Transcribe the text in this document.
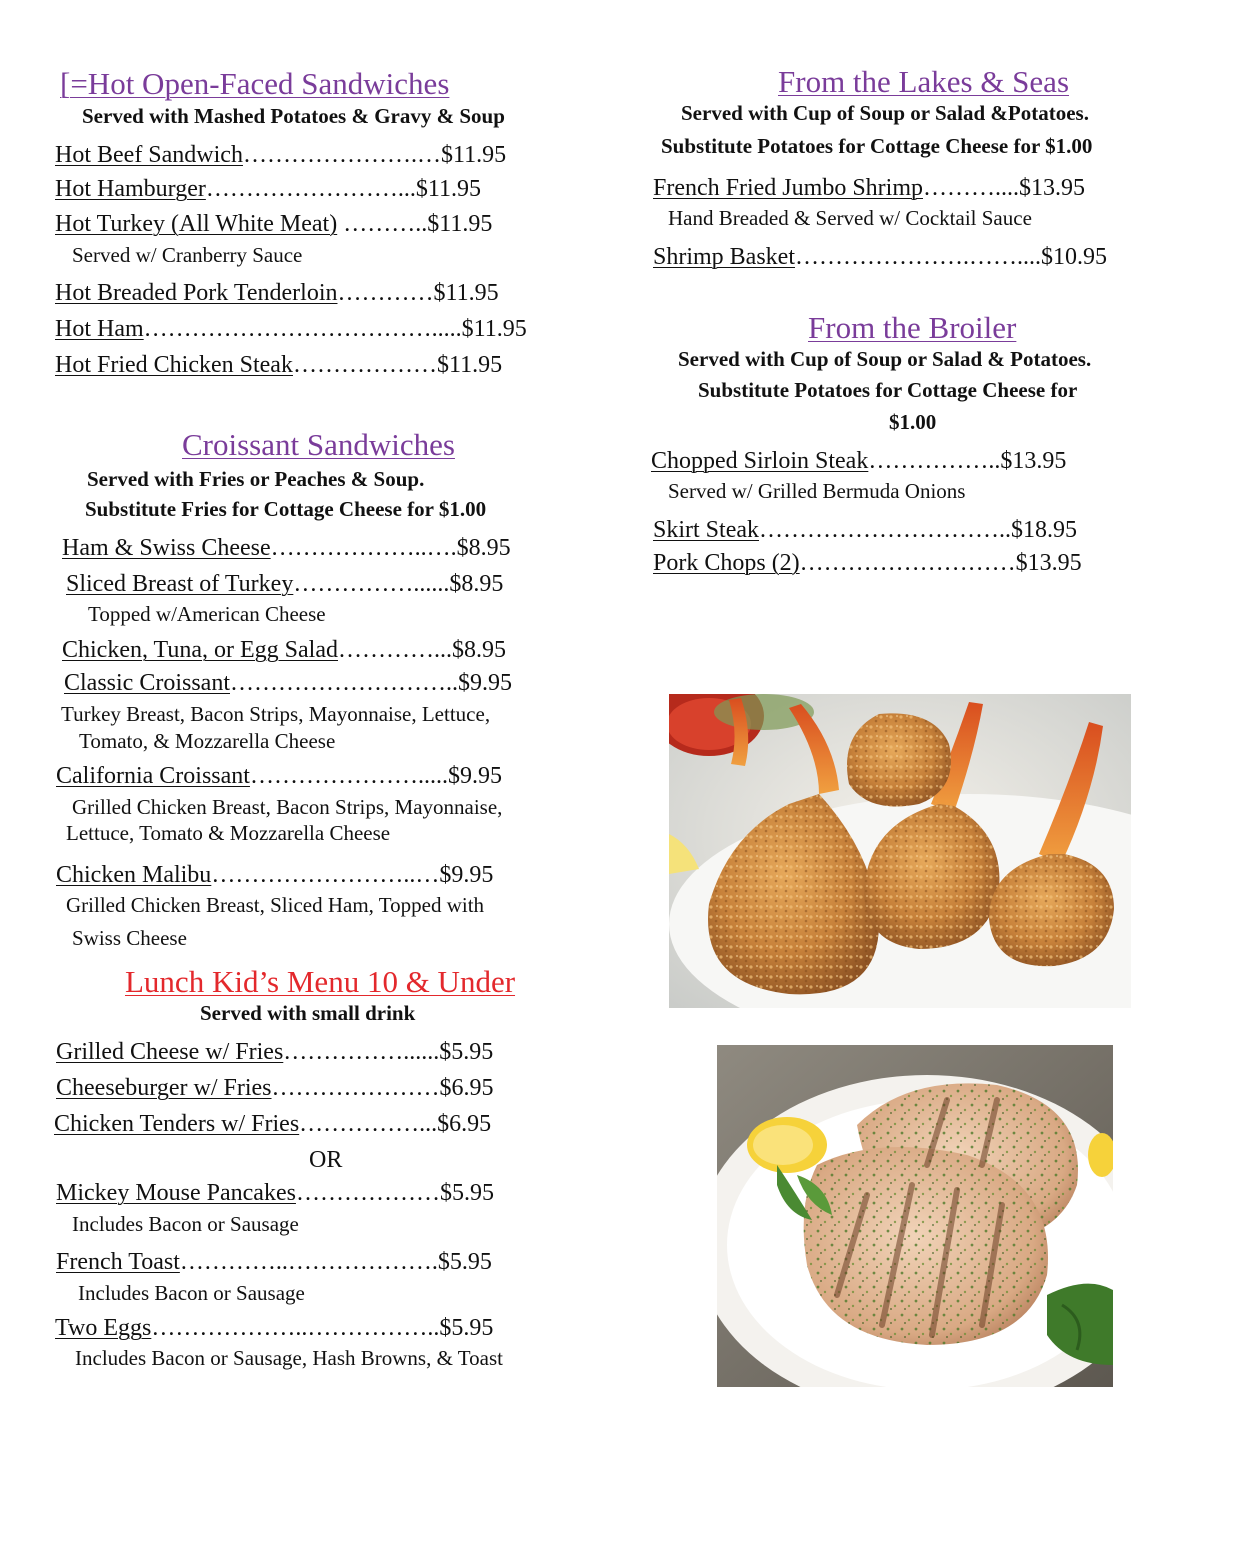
[=Hot Open-Faced Sandwiches
Served with Mashed Potatoes & Gravy & Soup
Hot Beef Sandwich………………….…$11.95
Hot Hamburger……………………...$11.95
Hot Turkey (All White Meat) ………..$11.95
Served w/ Cranberry Sauce
Hot Breaded Pork Tenderloin…………$11.95
Hot Ham……………………………….....$11.95
Hot Fried Chicken Steak………………$11.95
Croissant Sandwiches
Served with Fries or Peaches & Soup.
Substitute Fries for Cottage Cheese for $1.00
Ham & Swiss Cheese………………..….$8.95
Sliced Breast of Turkey……………......$8.95
Topped w/American Cheese
Chicken, Tuna, or Egg Salad…………...$8.95
Classic Croissant………………………..$9.95
Turkey Breast, Bacon Strips, Mayonnaise, Lettuce,
Tomato, & Mozzarella Cheese
California Croissant………………….....$9.95
Grilled Chicken Breast, Bacon Strips, Mayonnaise,
Lettuce, Tomato & Mozzarella Cheese
Chicken Malibu……………………..…$9.95
Grilled Chicken Breast, Sliced Ham, Topped with
Swiss Cheese
Lunch Kid’s Menu 10 & Under
Served with small drink
Grilled Cheese w/ Fries……………......$5.95
Cheeseburger w/ Fries…………………$6.95
Chicken Tenders w/ Fries……………...$6.95
OR
Mickey Mouse Pancakes………………$5.95
Includes Bacon or Sausage
French Toast…………..……………….$5.95
Includes Bacon or Sausage
Two Eggs………………..……………..$5.95
Includes Bacon or Sausage, Hash Browns, & Toast
From the Lakes & Seas
Served with Cup of Soup or Salad &Potatoes.
Substitute Potatoes for Cottage Cheese for $1.00
French Fried Jumbo Shrimp………....$13.95
Hand Breaded & Served w/ Cocktail Sauce
Shrimp Basket………………….……....$10.95
From the Broiler
Served with Cup of Soup or Salad & Potatoes.
Substitute Potatoes for Cottage Cheese for
$1.00
Chopped Sirloin Steak……………..$13.95
Served w/ Grilled Bermuda Onions
Skirt Steak…………………………..$18.95
Pork Chops (2)………………………$13.95
